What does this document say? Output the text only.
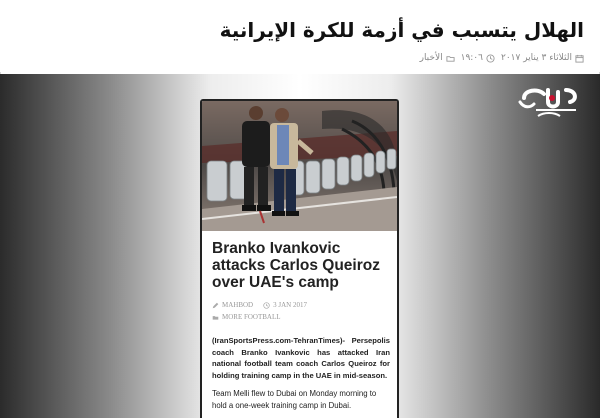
الهلال يتسبب في أزمة للكرة الإيرانية
الثلاثاء ٣ يناير ٢٠١٧
١٩:٠٦
الأخبار
Branko Ivankovic attacks Carlos Queiroz over UAE's camp
MAHBOD	3 JAN 2017
MORE FOOTBALL

(IranSportsPress.com-TehranTimes)- Persepolis coach Branko Ivankovic has attacked Iran national football team coach Carlos Queiroz for holding training camp in the UAE in mid-season.

Team Melli flew to Dubai on Monday morning to hold a one-week training camp in Dubai.
